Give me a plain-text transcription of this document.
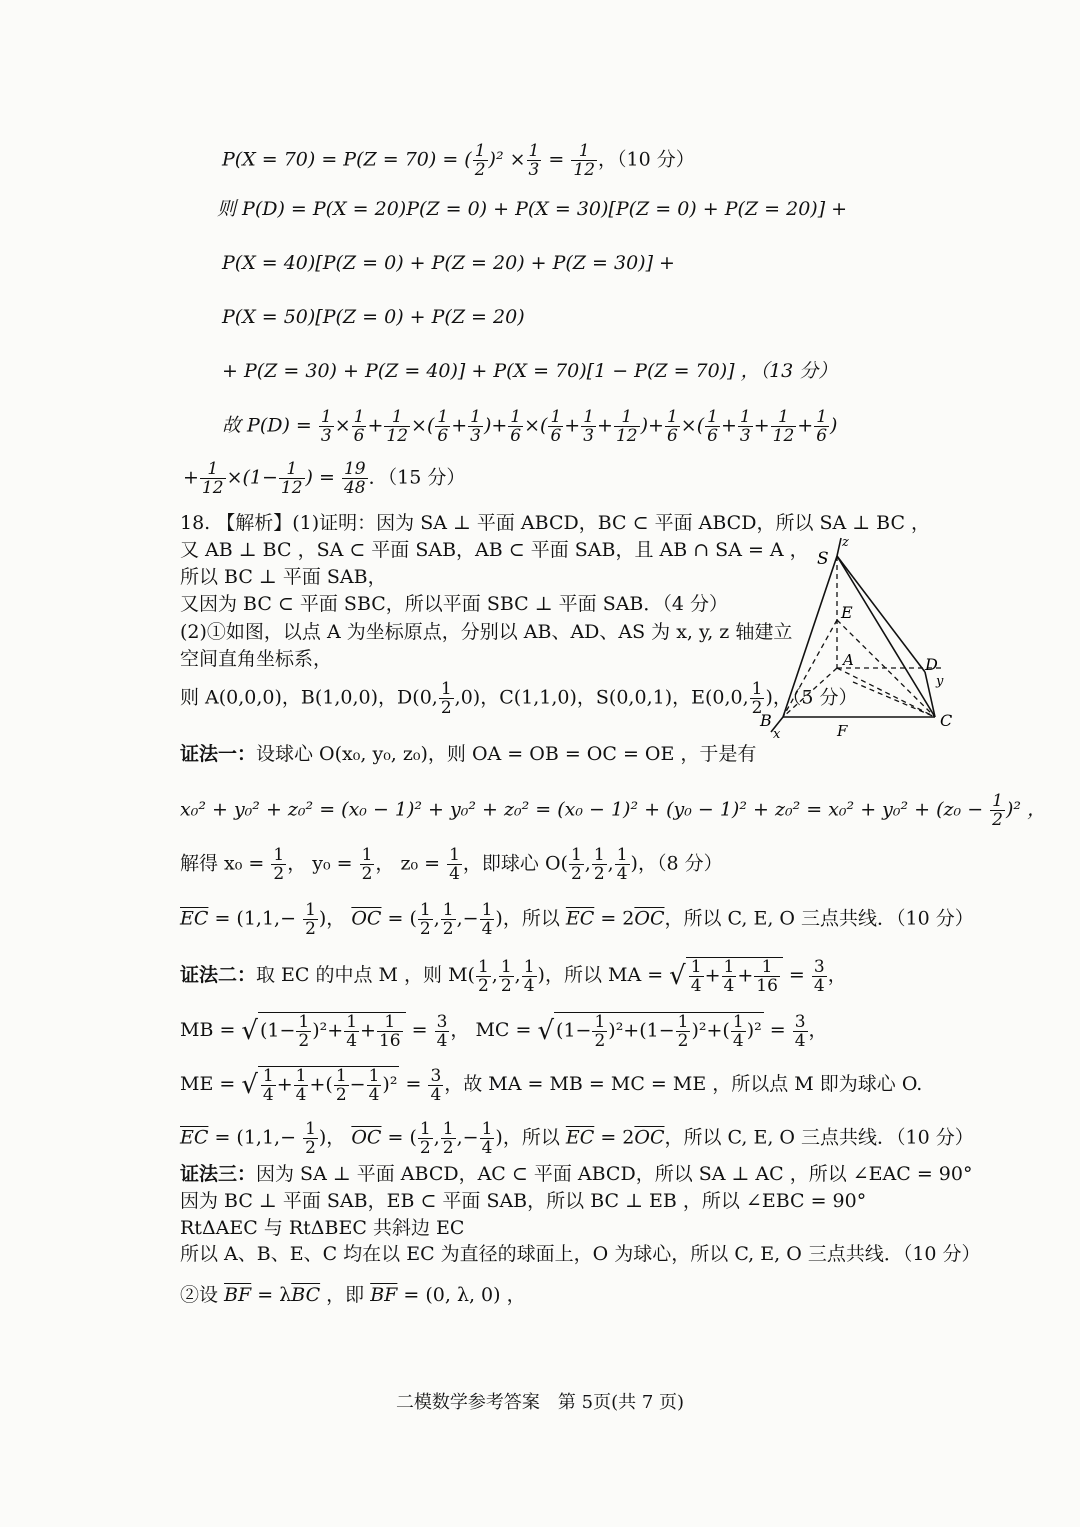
P(X = 70) = P(Z = 70) = ( $\frac{1}{2} )^2 \times \frac{1}{3} = \frac{1}{12}$ ，（10 分）
则 P(D) = P(X = 20)P(Z = 0) + P(X = 30)[P(Z = 0) + P(Z = 20)] +
P(X = 40)[P(Z = 0) + P(Z = 20) + P(Z = 30)] +
P(X = 50)[P(Z = 0) + P(Z = 20)
+ P(Z = 30) + P(Z = 40)] + P(X = 70)[1 − P(Z = 70)] ，（13 分）
故 $P(D) = \frac{1}{3} \times \frac{1}{6} + \frac{1}{12}$ ×( $\frac{1}{6} + \frac{1}{3}$ )+ $\frac{1}{6}$ ×( $\frac{1}{6} + \frac{1}{3} + \frac{1}{12}$ )+ $\frac{1}{6}$ ×( $\frac{1}{6} + \frac{1}{3} + \frac{1}{12} + \frac{1}{6}$ )
+ $\frac{1}{12} \times(1- \frac{1}{12}$ ) = $\frac{19}{48}$ ．（15 分）
18. 【解析】(1)证明：因为 SA ⊥ 平面 ABCD，BC ⊂ 平面 ABCD，所以 SA ⊥ BC ，
又 AB ⊥ BC ，SA ⊂ 平面 SAB，AB ⊂ 平面 SAB，且 AB ∩ SA = A ，
所以 BC ⊥ 平面 SAB，
又因为 BC ⊂ 平面 SBC，所以平面 SBC ⊥ 平面 SAB．（4 分）
(2)①如图，以点 A 为坐标原点，分别以 AB、AD、AS 为 x, y, z 轴建立
空间直角坐标系，
则 A(0,0,0)，B(1,0,0)，D(0, $\frac{1}{2} ,0$)，C(1,1,0)，S(0,0,1)，E(0,0, $\frac{1}{2}$ )，（5 分）
S
z
E
A	D
y
B
x	F
C
证法一：设球心 O(x₀, y₀, z₀)，则 OA = OB = OC = OE ，于是有
$x_0^2 + y_0^2 + z_0^2 = (x_0 - 1)^2 + y_0^2 + z_0^2 = (x_0 - 1)^2 + (y_0 - 1)^2 + z_0^2 = x_0^2 + y_0^2 + (z_0 - \frac{1}{2} )^2$ ，
解得 $x_0 = \frac{1}{2}$ ， $y_0 = \frac{1}{2}$ ， $z_0 = \frac{1}{4}$ ，即球心 $O( \frac{1}{2}$ , $\frac{1}{2}$ , $\frac{1}{4}$ )，（8 分）
$\overline{EC} = (1,1,- \frac{1}{2}$ )， $\overline{OC}$ = ( $\frac{1}{2}$ , $\frac{1}{2}$ ,− $\frac{1}{4}$ )，所以 $\overline{EC} = 2\overline{OC}$，所以 C, E, O 三点共线．（10 分）
证法二：取 EC 的中点 M ，则 $M( \frac{1}{2}$ , $\frac{1}{2}$ , $\frac{1}{4}$ )，所以 MA = √ $\frac{1}{4} + \frac{1}{4} + \frac{1}{16} = \frac{3}{4}$ ，
MB = √ $(1- \frac{1}{2} )^2+ \frac{1}{4} + \frac{1}{16} = \frac{3}{4}$ ， MC = √ $(1- \frac{1}{2} )^2+(1- \frac{1}{2} )^2+( \frac{1}{4} )^2 = \frac{3}{4}$ ，
ME = √ $\frac{1}{4} + \frac{1}{4}$ +( $\frac{1}{2} - \frac{1}{4} )^2 = \frac{3}{4}$ ，故 MA = MB = MC = ME ，所以点 M 即为球心 O.
$\overline{EC} = (1,1,- \frac{1}{2}$ )， $\overline{OC}$ = ( $\frac{1}{2}$ , $\frac{1}{2}$ ,− $\frac{1}{4}$ )，所以 $\overline{EC} = 2\overline{OC}$，所以 C, E, O 三点共线．（10 分）
证法三：因为 SA ⊥ 平面 ABCD，AC ⊂ 平面 ABCD，所以 SA ⊥ AC ，所以 ∠EAC = 90°
因为 BC ⊥ 平面 SAB，EB ⊂ 平面 SAB，所以 BC ⊥ EB ，所以 ∠EBC = 90°
RtΔAEC 与 RtΔBEC 共斜边 EC
所以 A、B、E、C 均在以 EC 为直径的球面上，O 为球心，所以 C, E, O 三点共线．（10 分）
②设 $\overline{BF} = \lambda\overline{BC}$ ，即 $\overline{BF} = (0$, λ, 0) ，
二模数学参考答案　第 5页(共 7 页)
